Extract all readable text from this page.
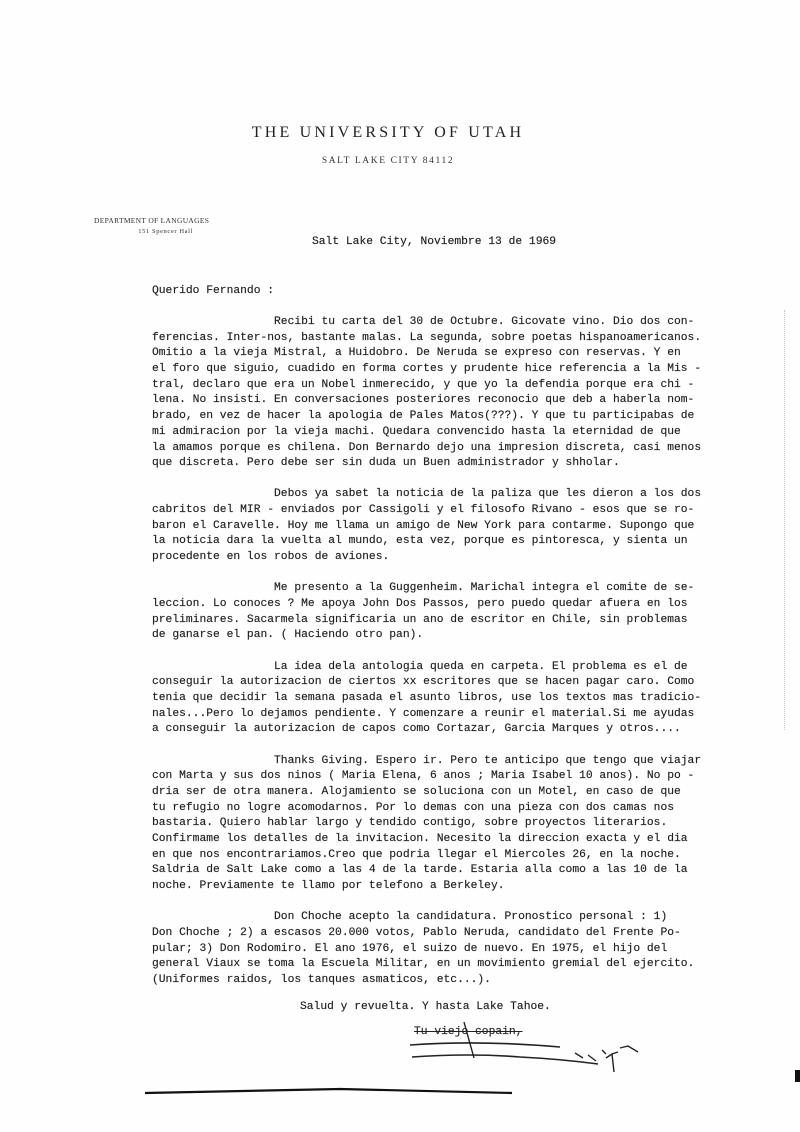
THE UNIVERSITY OF UTAH
SALT LAKE CITY 84112
DEPARTMENT OF LANGUAGES
151 Spencer Hall
Salt Lake City, Noviembre 13 de 1969
Querido Fernando :
Recibi tu carta del 30 de Octubre. Gicovate vino. Dio dos con-
ferencias. Inter-nos, bastante malas. La segunda, sobre poetas hispanoamericanos.
Omitio a la vieja Mistral, a Huidobro. De Neruda se expreso con reservas. Y en
el foro que siguio, cuadido en forma cortes y prudente hice referencia a la Mis -
tral, declaro que era un Nobel inmerecido, y que yo la defendia porque era chi -
lena. No insisti. En conversaciones posteriores reconocio que deb a haberla nom-
brado, en vez de hacer la apologia de Pales Matos(???). Y que tu participabas de
mi admiracion por la vieja machi. Quedara convencido hasta la eternidad de que
la amamos porque es chilena. Don Bernardo dejo una impresion discreta, casi menos
que discreta. Pero debe ser sin duda un Buen administrador y shholar.
Debos ya sabet la noticia de la paliza que les dieron a los dos
cabritos del MIR - enviados por Cassigoli y el filosofo Rivano - esos que se ro-
baron el Caravelle. Hoy me llama un amigo de New York para contarme. Supongo que
la noticia dara la vuelta al mundo, esta vez, porque es pintoresca, y sienta un
procedente en los robos de aviones.
Me presento a la Guggenheim. Marichal integra el comite de se-
leccion. Lo conoces ? Me apoya John Dos Passos, pero puedo quedar afuera en los
preliminares. Sacarmela significaria un ano de escritor en Chile, sin problemas
de ganarse el pan. ( Haciendo otro pan).
La idea dela antologia queda en carpeta. El problema es el de
conseguir la autorizacion de ciertos xx escritores que se hacen pagar caro. Como
tenia que decidir la semana pasada el asunto libros, use los textos mas tradicio-
nales...Pero lo dejamos pendiente. Y comenzare a reunir el material.Si me ayudas
a conseguir la autorizacion de capos como Cortazar, Garcia Marques y otros....
Thanks Giving. Espero ir. Pero te anticipo que tengo que viajar
con Marta y sus dos ninos ( Maria Elena, 6 anos ; Maria Isabel 10 anos). No po -
dria ser de otra manera. Alojamiento se soluciona con un Motel, en caso de que
tu refugio no logre acomodarnos. Por lo demas con una pieza con dos camas nos
bastaria. Quiero hablar largo y tendido contigo, sobre proyectos literarios.
Confirmame los detalles de la invitacion. Necesito la direccion exacta y el dia
en que nos encontrariamos.Creo que podria llegar el Miercoles 26, en la noche.
Saldria de Salt Lake como a las 4 de la tarde. Estaria alla como a las 10 de la
noche. Previamente te llamo por telefono a Berkeley.
Don Choche acepto la candidatura. Pronostico personal : 1)
Don Choche ; 2) a escasos 20.000 votos, Pablo Neruda, candidato del Frente Po-
pular; 3) Don Rodomiro. El ano 1976, el suizo de nuevo. En 1975, el hijo del
general Viaux se toma la Escuela Militar, en un movimiento gremial del ejercito.
(Uniformes raidos, los tanques asmaticos, etc...).
Salud y revuelta. Y hasta Lake Tahoe.
Tu viejo copain,
